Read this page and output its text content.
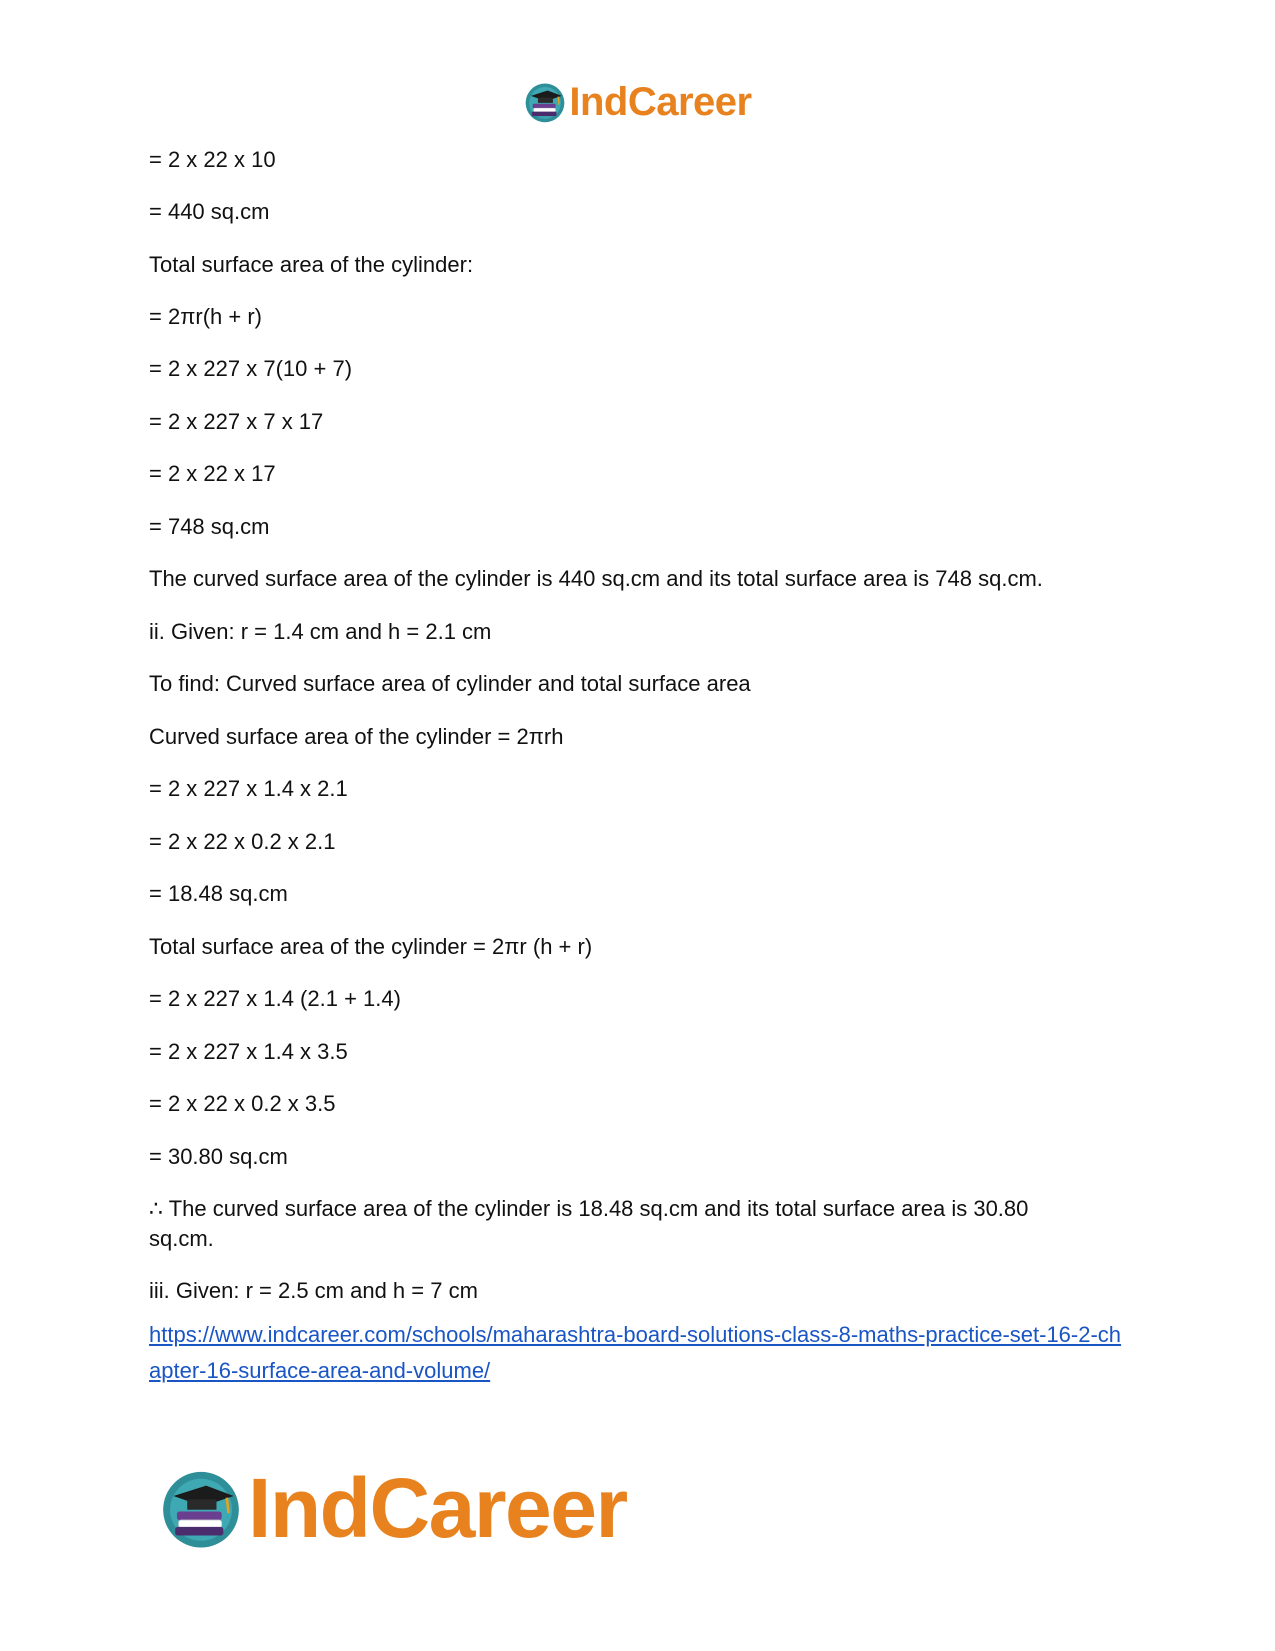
IndCareer

= 2 x 22 x 10

= 440 sq.cm

Total surface area of the cylinder:

= 2πr(h + r)

= 2 x 227 x 7(10 + 7)

= 2 x 227 x 7 x 17

= 2 x 22 x 17

= 748 sq.cm

The curved surface area of the cylinder is 440 sq.cm and its total surface area is 748 sq.cm.

ii. Given: r = 1.4 cm and h = 2.1 cm

To find: Curved surface area of cylinder and total surface area

Curved surface area of the cylinder = 2πrh

= 2 x 227 x 1.4 x 2.1

= 2 x 22 x 0.2 x 2.1

= 18.48 sq.cm

Total surface area of the cylinder = 2πr (h + r)

= 2 x 227 x 1.4 (2.1 + 1.4)

= 2 x 227 x 1.4 x 3.5

= 2 x 22 x 0.2 x 3.5

= 30.80 sq.cm

∴ The curved surface area of the cylinder is 18.48 sq.cm and its total surface area is 30.80 sq.cm.

iii. Given: r = 2.5 cm and h = 7 cm

https://www.indcareer.com/schools/maharashtra-board-solutions-class-8-maths-practice-set-16-2-chapter-16-surface-area-and-volume/
IndCareer
